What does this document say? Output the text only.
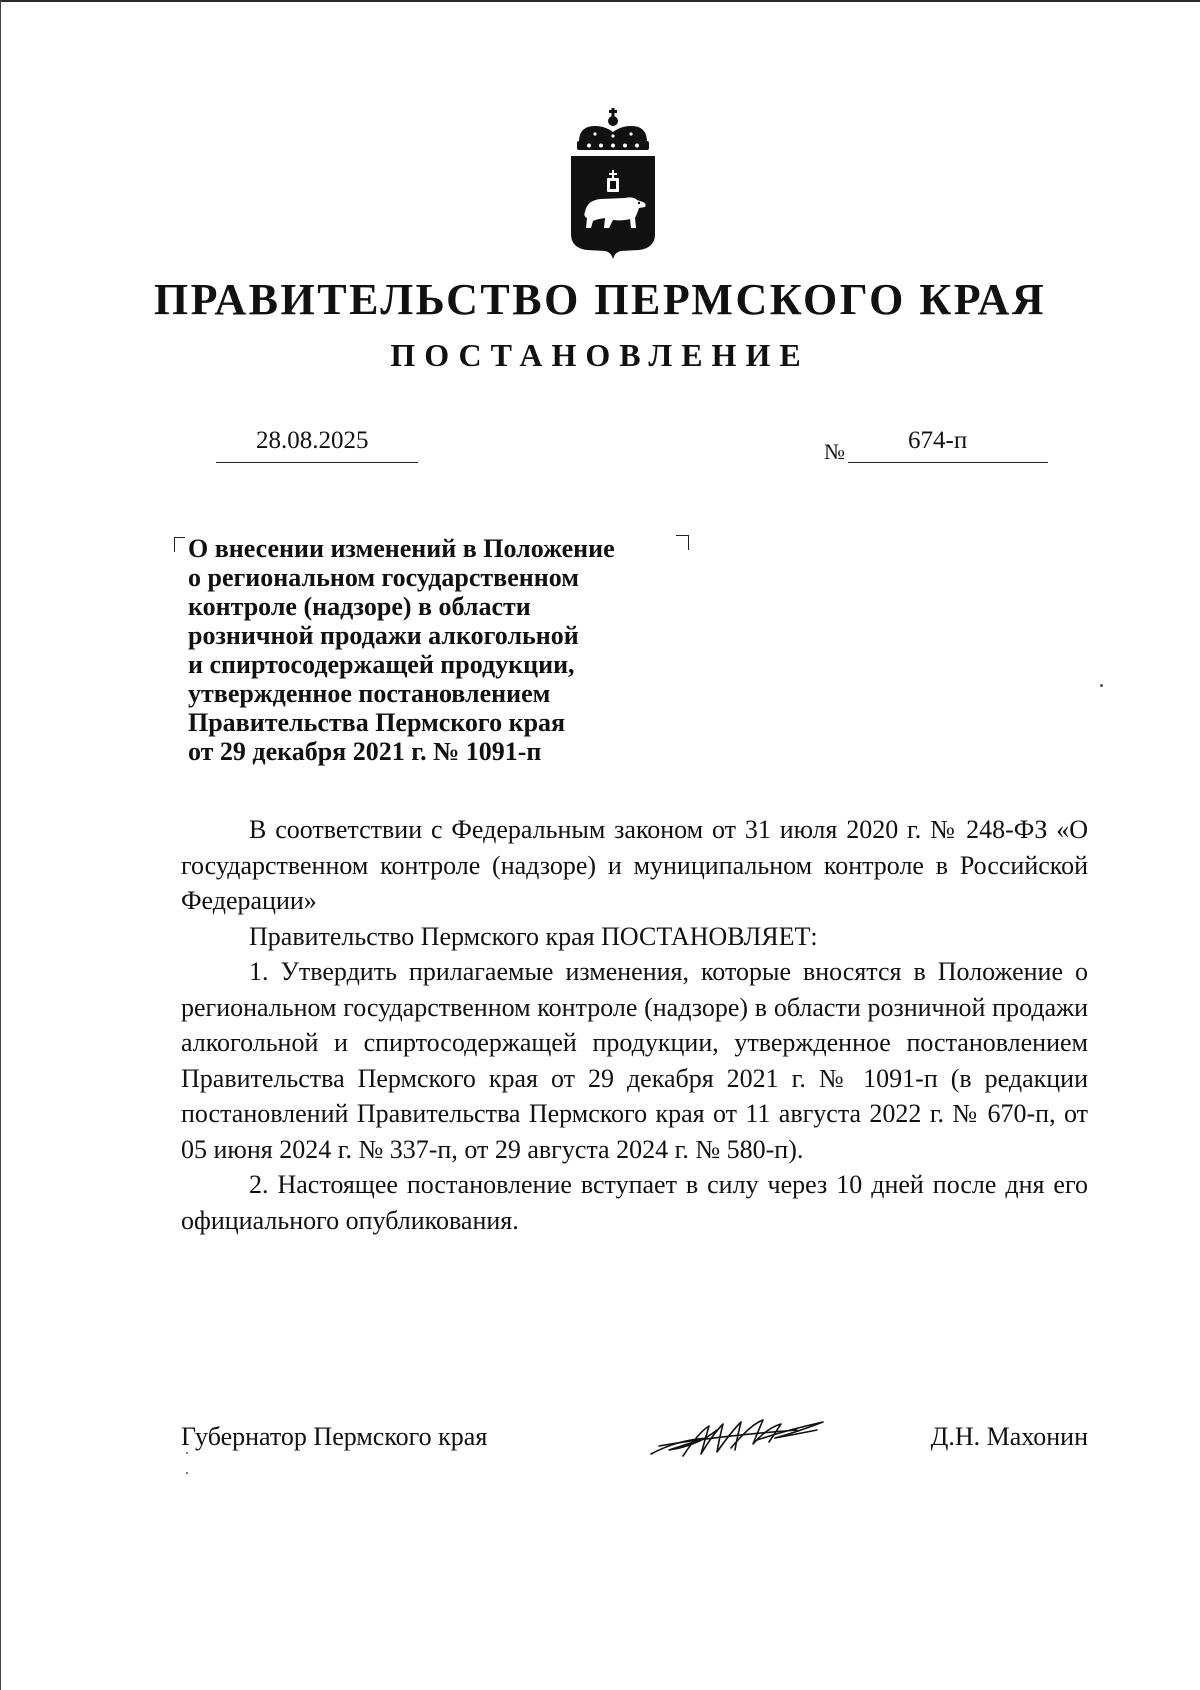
ПРАВИТЕЛЬСТВО ПЕРМСКОГО КРАЯ
ПОСТАНОВЛЕНИЕ
28.08.2025	№	674-п
О внесении изменений в Положение
о региональном государственном
контроле (надзоре) в области
розничной продажи алкогольной
и спиртосодержащей продукции,
утвержденное постановлением
Правительства Пермского края
от 29 декабря 2021 г. № 1091-п

В соответствии с Федеральным законом от 31 июля 2020 г. № 248-ФЗ «О государственном контроле (надзоре) и муниципальном контроле в Российской Федерации»

Правительство Пермского края ПОСТАНОВЛЯЕТ:

1. Утвердить прилагаемые изменения, которые вносятся в Положение о региональном государственном контроле (надзоре) в области розничной продажи алкогольной и спиртосодержащей продукции, утвержденное постановлением Правительства Пермского края от 29 декабря 2021 г. № 1091-п (в редакции постановлений Правительства Пермского края от 11 августа 2022 г. № 670-п, от 05 июня 2024 г. № 337-п, от 29 августа 2024 г. № 580-п).

2. Настоящее постановление вступает в силу через 10 дней после дня его официального опубликования.

Губернатор Пермского края	Д.Н. Махонин
